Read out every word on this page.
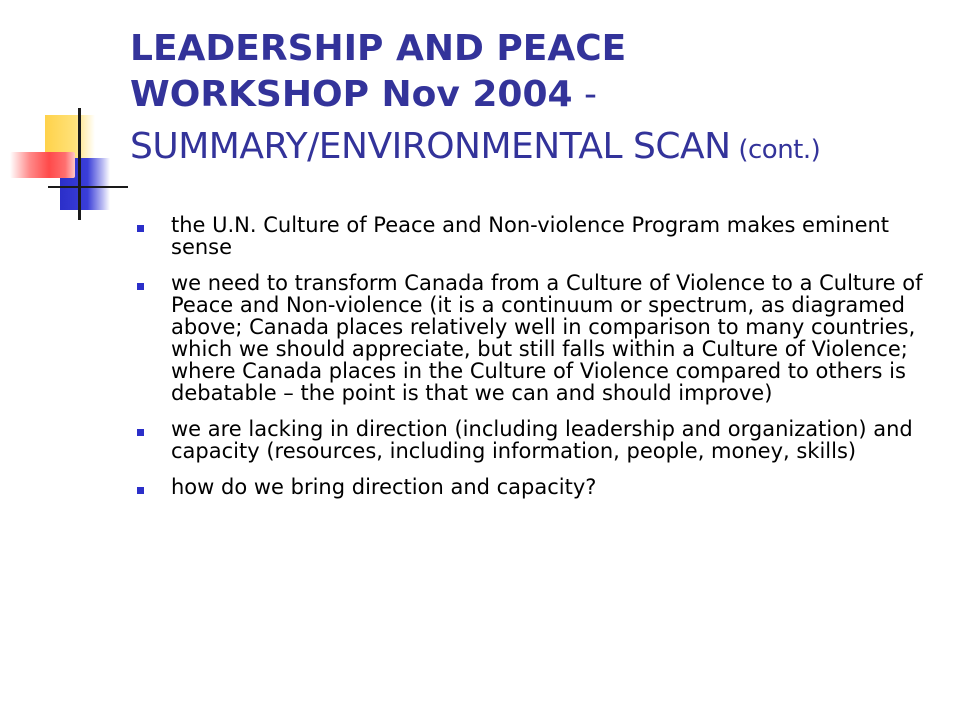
LEADERSHIP AND PEACE
WORKSHOP Nov 2004 -
SUMMARY/ENVIRONMENTAL SCAN (cont.)
the U.N. Culture of Peace and Non-violence Program makes eminent sense
we need to transform Canada from a Culture of Violence to a Culture of Peace and Non-violence (it is a continuum or spectrum, as diagramed above; Canada places relatively well in comparison to many countries, which we should appreciate, but still falls within a Culture of Violence; where Canada places in the Culture of Violence compared to others is debatable – the point is that we can and should improve)
we are lacking in direction (including leadership and organization) and capacity (resources, including information, people, money, skills)
how do we bring direction and capacity?
